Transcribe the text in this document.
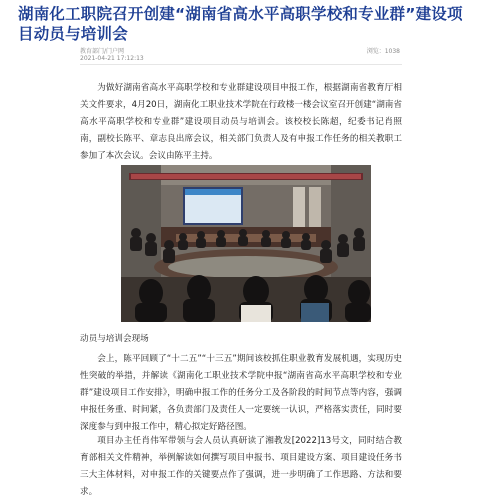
湖南化工职院召开创建“湖南省高水平高职学校和专业群”建设项目动员与培训会
教育部门/门户网	浏览：1038
2021-04-21 17:12:13

为做好湖南省高水平高职学校和专业群建设项目申报工作，根据湖南省教育厅相关文件要求，4月20日，湖南化工职业技术学院在行政楼一楼会议室召开创建“湖南省高水平高职学校和专业群”建设项目动员与培训会。该校校长陈超，纪委书记肖照南，副校长陈平、章志良出席会议，相关部门负责人及有申报工作任务的相关教职工参加了本次会议。会议由陈平主持。

动员与培训会现场

会上，陈平回顾了“十二五”“十三五”期间该校抓住职业教育发展机遇，实现历史性突破的举措，并解读《湖南化工职业技术学院申报“湖南省高水平高职学校和专业群”建设项目工作安排》，明确申报工作的任务分工及各阶段的时间节点等内容，强调申报任务重、时间紧，各负责部门及责任人一定要统一认识，严格落实责任，同时要深度参与到申报工作中，精心拟定好路径图。

项目办主任肖伟军带领与会人员认真研读了湘教发[2022]13号文，同时结合教育部相关文件精神，举例解读如何撰写项目申报书、项目建设方案、项目建设任务书三大主体材料，对申报工作的关键要点作了强调，进一步明确了工作思路、方法和要求。
